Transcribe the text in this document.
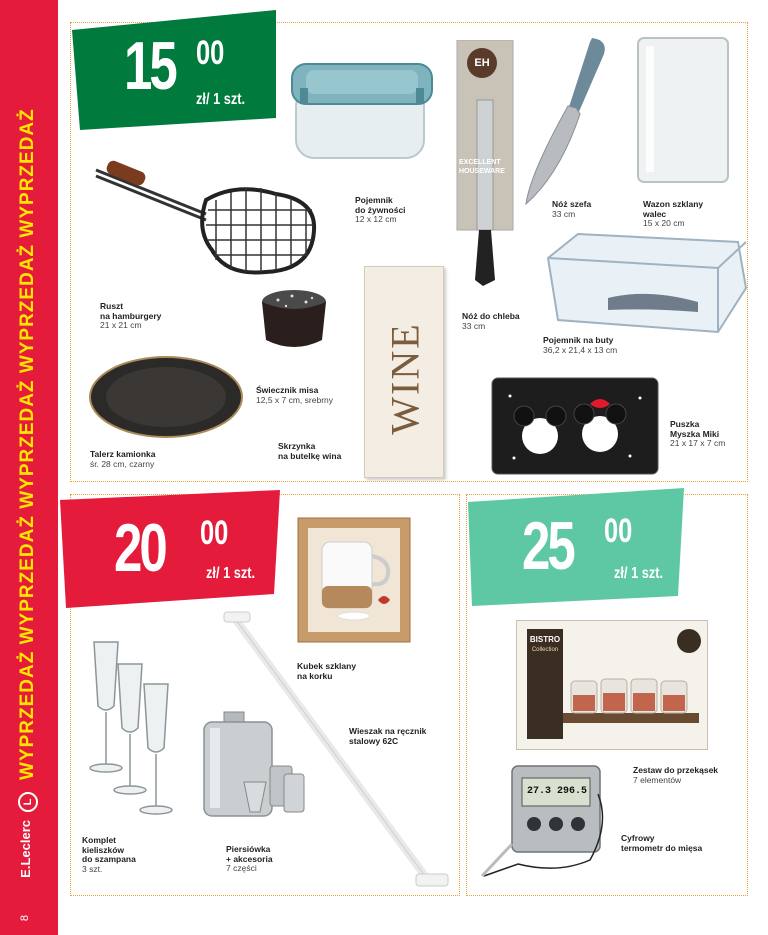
WYPRZEDAŻ WYPRZEDAŻ WYPRZEDAŻ WYPRZEDAŻ WYPRZEDAŻ
L
E.Leclerc
8
15 00
zł/ 1 szt.
20 00
zł/ 1 szt.	25 00
zł/ 1 szt.
Pojemnik
do żywności
12 x 12 cm
EH
EXCELLENT HOUSEWARE
Nóż do chleba
33 cm
Nóż szefa
33 cm
Wazon szklany
walec
15 x 20 cm
Ruszt
na hamburgery
21 x 21 cm
Świecznik misa
12,5 x 7 cm, srebrny
Talerz kamionka
śr. 28 cm, czarny
WINE
Skrzynka
na butelkę wina
Pojemnik na buty
36,2 x 21,4 x 13 cm
Puszka
Myszka Miki
21 x 17 x 7 cm
Kubek szklany
na korku
Wieszak na ręcznik
stalowy 62C
Komplet
kieliszków
do szampana
3 szt.
Piersiówka
+ akcesoria
7 części
BISTRO
Collection
Zestaw do przekąsek
7 elementów
27.3 296.5
Cyfrowy
termometr do mięsa
